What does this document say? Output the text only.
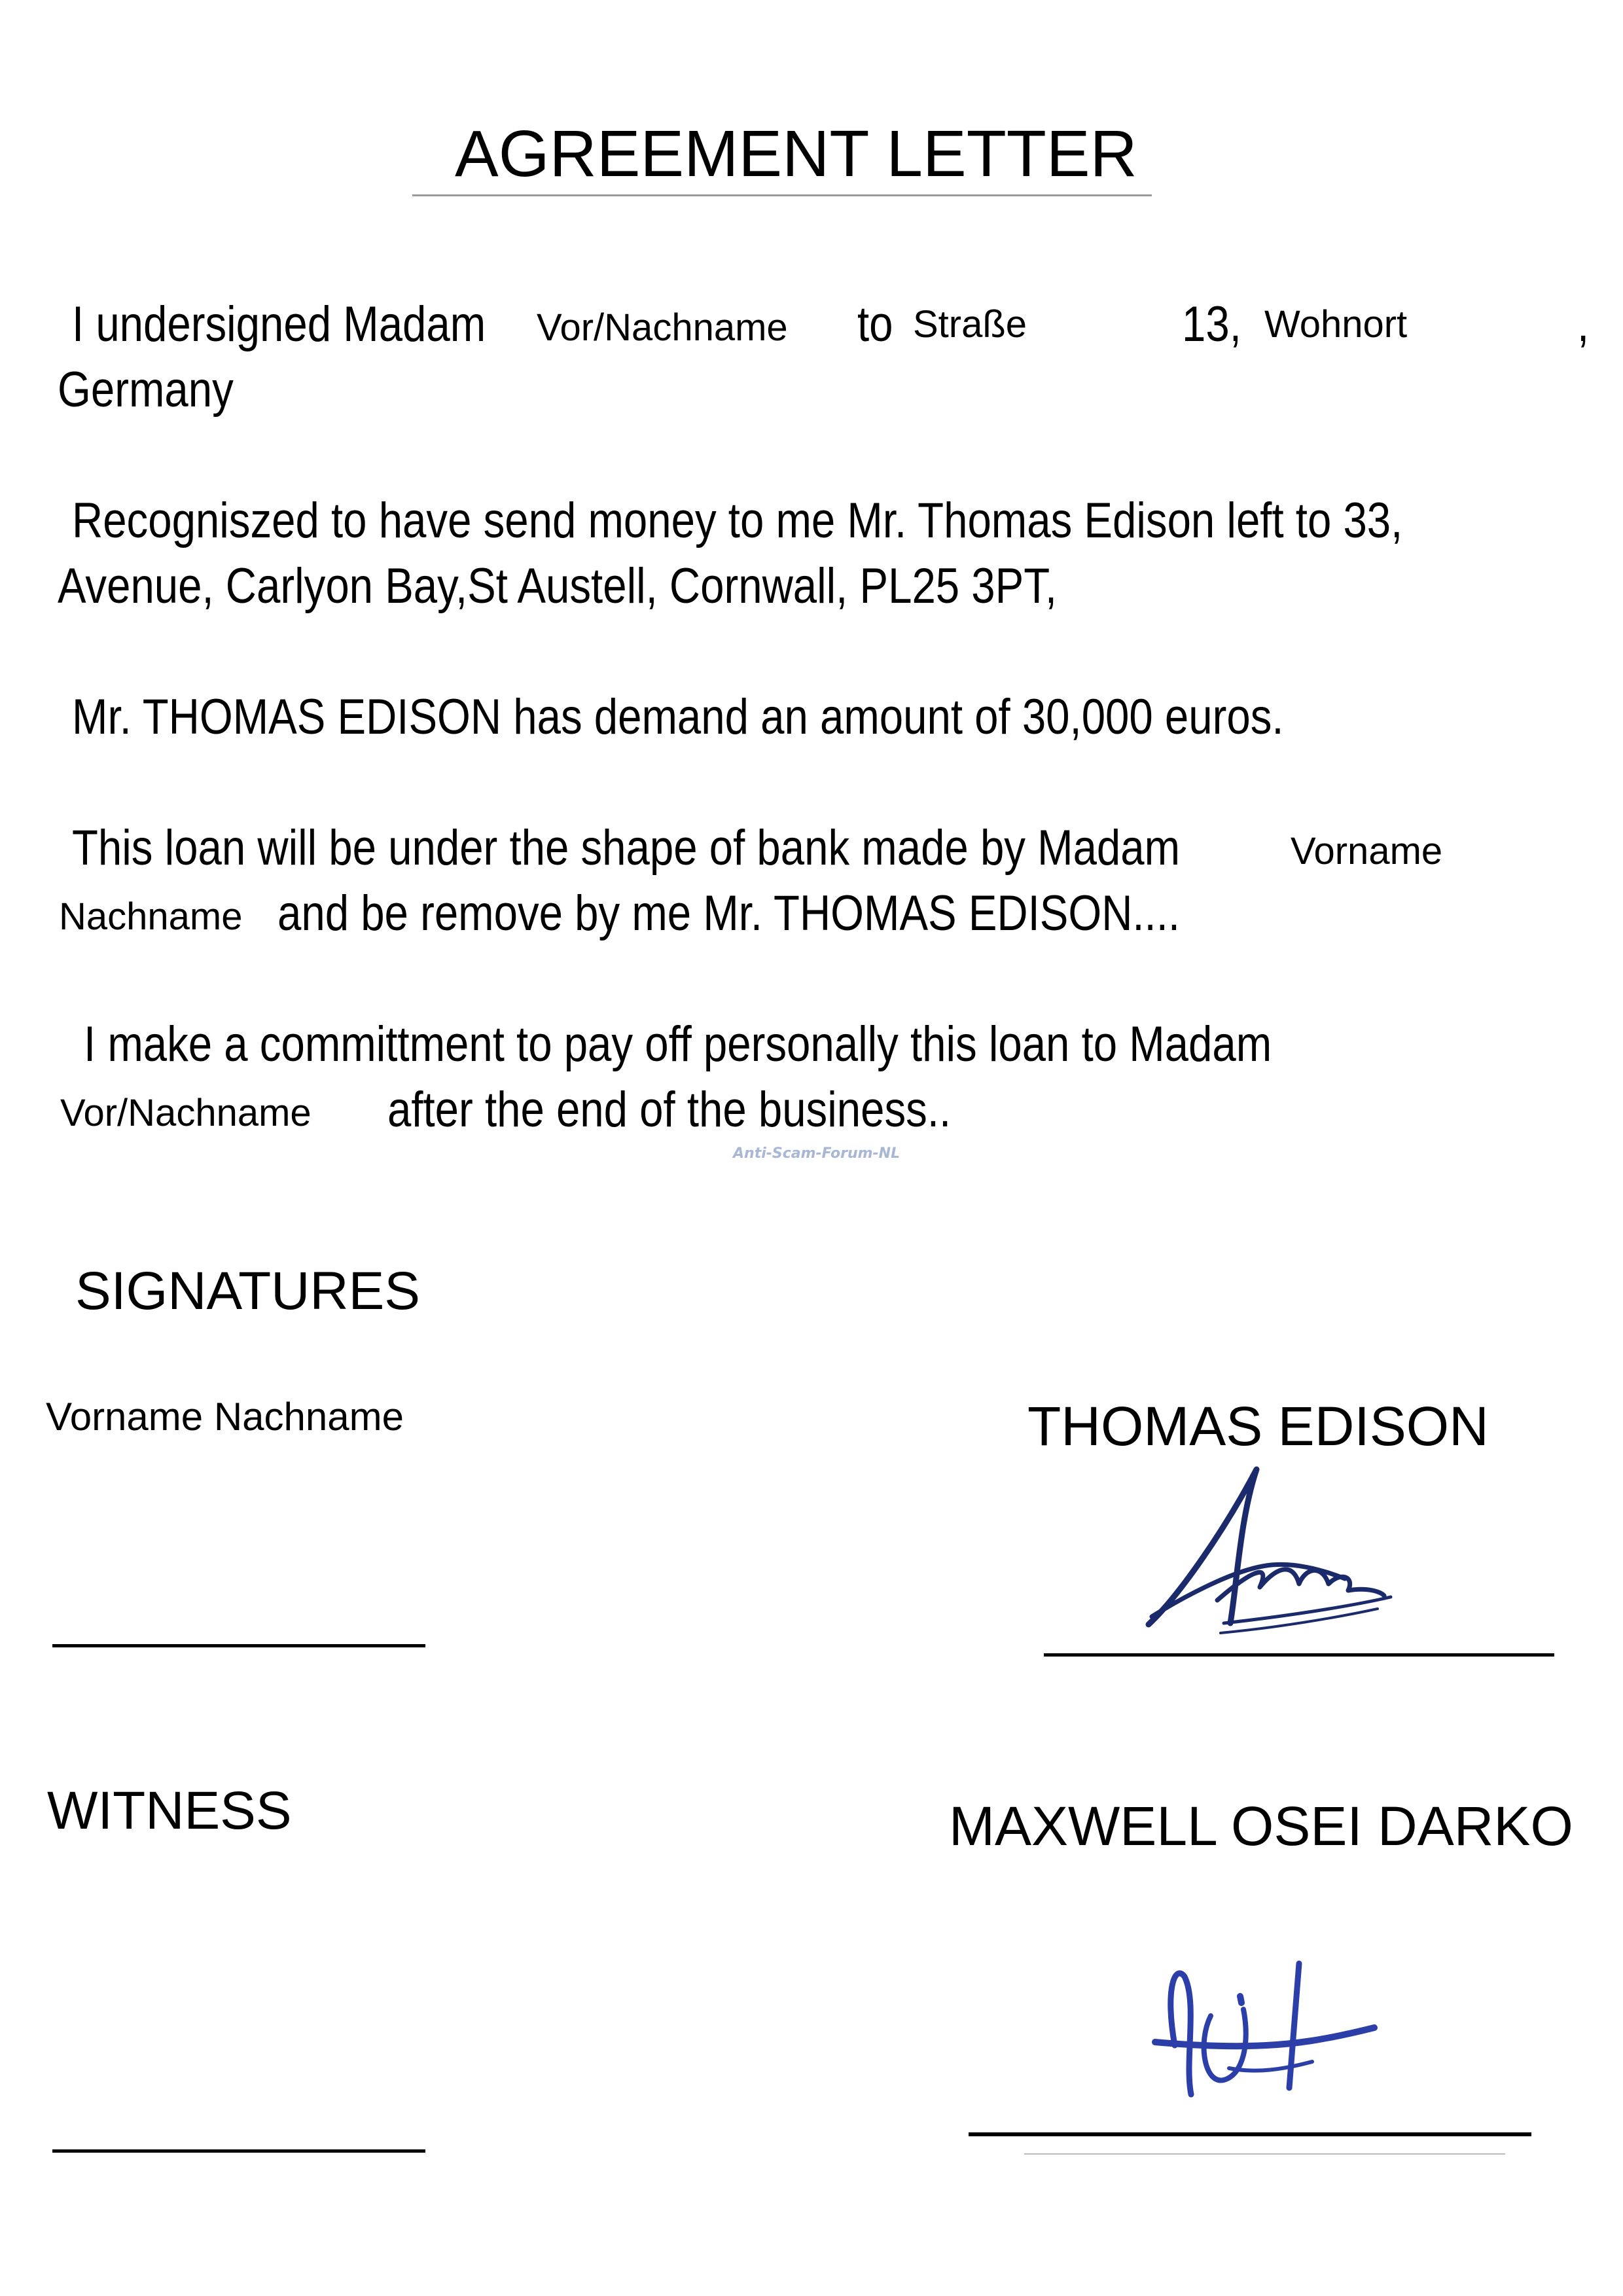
AGREEMENT LETTER
I undersigned Madam Vor/Nachname to Straße	13, Wohnort	,
Germany
Recogniszed to have send money to me Mr. Thomas Edison left to 33,
Avenue, Carlyon Bay,St Austell, Cornwall, PL25 3PT,
Mr. THOMAS EDISON has demand an amount of 30,000 euros.
This loan will be under the shape of bank made by Madam	Vorname
Nachname and be remove by me Mr. THOMAS EDISON....
I make a committment to pay off personally this loan to Madam
Vor/Nachname after the end of the business..
Anti-Scam-Forum-NL
SIGNATURES
Vorname Nachname	THOMAS EDISON
WITNESS	MAXWELL OSEI DARKO
